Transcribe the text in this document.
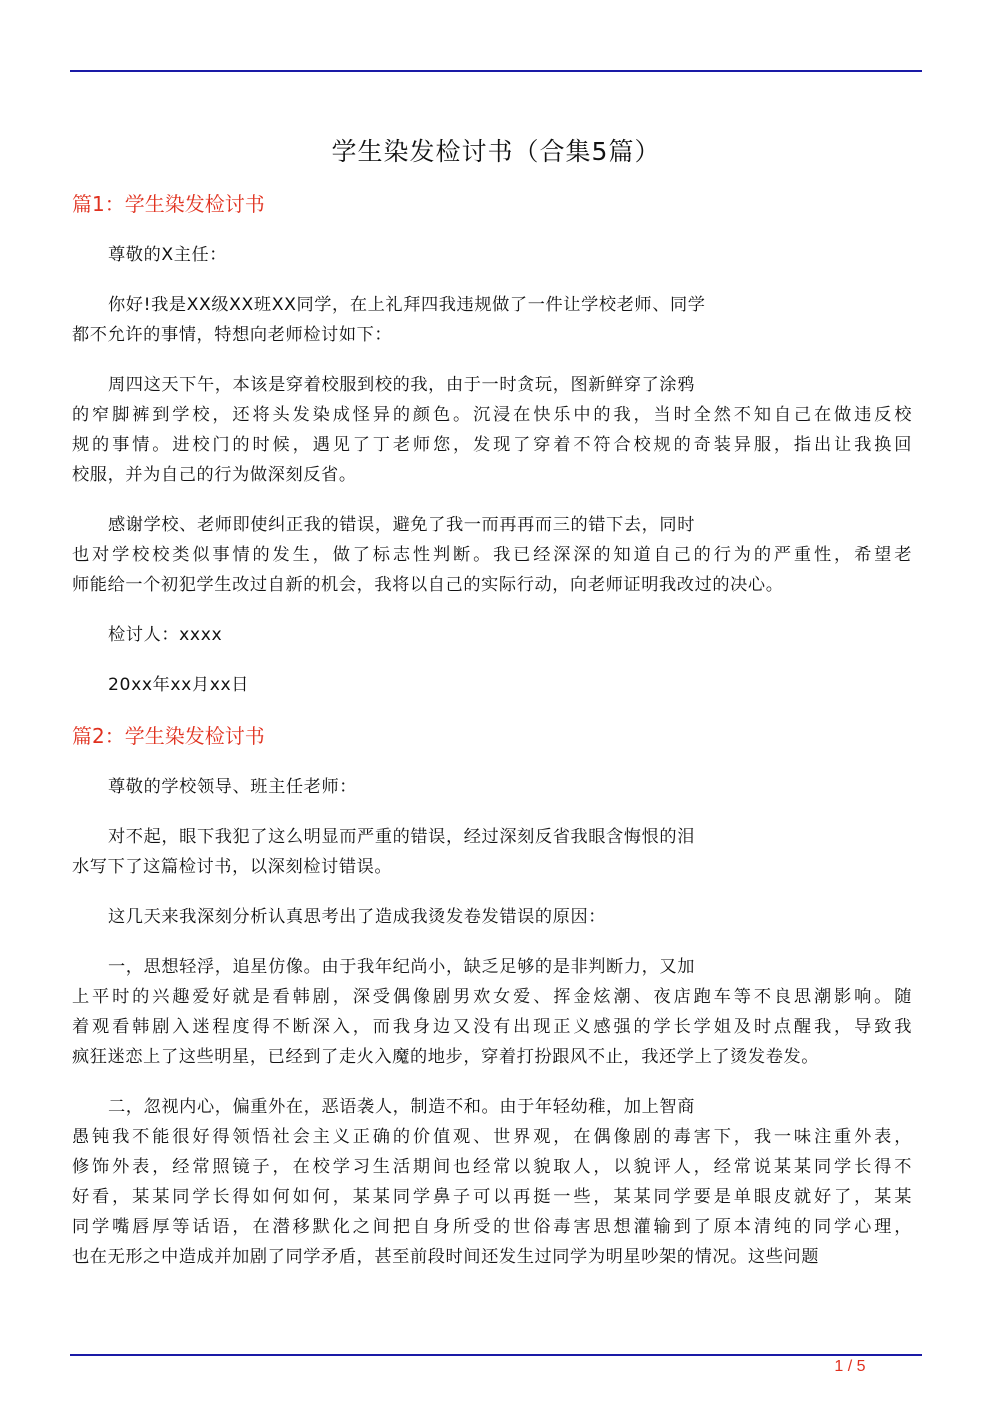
学生染发检讨书（合集5篇）
篇1：学生染发检讨书
尊敬的X主任：
你好!我是XX级XX班XX同学，在上礼拜四我违规做了一件让学校老师、同学
都不允许的事情，特想向老师检讨如下：
周四这天下午，本该是穿着校服到校的我，由于一时贪玩，图新鲜穿了涂鸦
的窄脚裤到学校，还将头发染成怪异的颜色。沉浸在快乐中的我，当时全然不知自己在做违反校
规的事情。进校门的时候，遇见了丁老师您，发现了穿着不符合校规的奇装异服，指出让我换回
校服，并为自己的行为做深刻反省。
感谢学校、老师即使纠正我的错误，避免了我一而再再而三的错下去，同时
也对学校校类似事情的发生，做了标志性判断。我已经深深的知道自己的行为的严重性，希望老
师能给一个初犯学生改过自新的机会，我将以自己的实际行动，向老师证明我改过的决心。
检讨人：xxxx
20xx年xx月xx日
篇2：学生染发检讨书
尊敬的学校领导、班主任老师：
对不起，眼下我犯了这么明显而严重的错误，经过深刻反省我眼含悔恨的泪
水写下了这篇检讨书，以深刻检讨错误。
这几天来我深刻分析认真思考出了造成我烫发卷发错误的原因：
一，思想轻浮，追星仿像。由于我年纪尚小，缺乏足够的是非判断力，又加
上平时的兴趣爱好就是看韩剧，深受偶像剧男欢女爱、挥金炫潮、夜店跑车等不良思潮影响。随
着观看韩剧入迷程度得不断深入，而我身边又没有出现正义感强的学长学姐及时点醒我，导致我
疯狂迷恋上了这些明星，已经到了走火入魔的地步，穿着打扮跟风不止，我还学上了烫发卷发。
二，忽视内心，偏重外在，恶语袭人，制造不和。由于年轻幼稚，加上智商
愚钝我不能很好得领悟社会主义正确的价值观、世界观，在偶像剧的毒害下，我一味注重外表，
修饰外表，经常照镜子，在校学习生活期间也经常以貌取人，以貌评人，经常说某某同学长得不
好看，某某同学长得如何如何，某某同学鼻子可以再挺一些，某某同学要是单眼皮就好了，某某
同学嘴唇厚等话语，在潜移默化之间把自身所受的世俗毒害思想灌输到了原本清纯的同学心理，
也在无形之中造成并加剧了同学矛盾，甚至前段时间还发生过同学为明星吵架的情况。这些问题
1 / 5
